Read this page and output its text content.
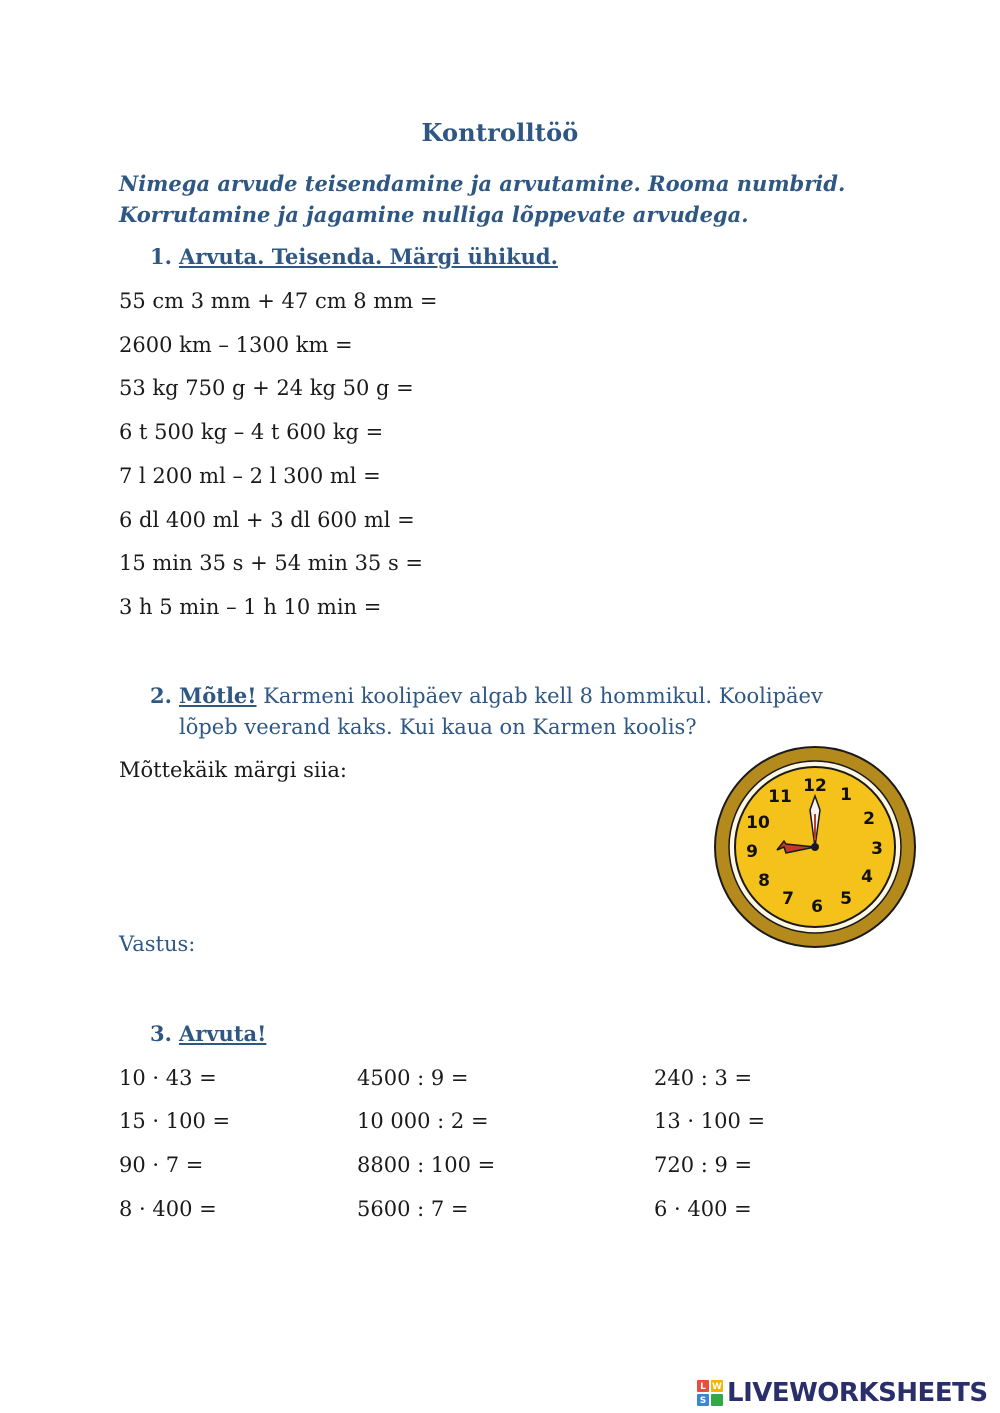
Kontrolltöö
Nimega arvude teisendamine ja arvutamine. Rooma numbrid.
Korrutamine ja jagamine nulliga lõppevate arvudega.
1. Arvuta. Teisenda. Märgi ühikud.
55 cm 3 mm + 47 cm 8 mm =
2600 km – 1300 km =
53 kg 750 g + 24 kg 50 g =
6 t 500 kg – 4 t 600 kg =
7 l 200 ml – 2 l 300 ml =
6 dl 400 ml + 3 dl 600 ml =
15 min 35 s + 54 min 35 s =
3 h 5 min – 1 h 10 min =
2. Mõtle! Karmeni koolipäev algab kell 8 hommikul. Koolipäev
lõpeb veerand kaks. Kui kaua on Karmen koolis?
Mõttekäik märgi siia:
Vastus:
12 1
2
3
4
5
6
7
8
9
10
11
3. Arvuta!
10 · 43 =
15 · 100 =
90 · 7 =
8 · 400 =
4500 : 9 =
10 000 : 2 =
8800 : 100 =
5600 : 7 =
240 : 3 =
13 · 100 =
720 : 9 =
6 · 400 =
L W
S LIVEWORKSHEETS
